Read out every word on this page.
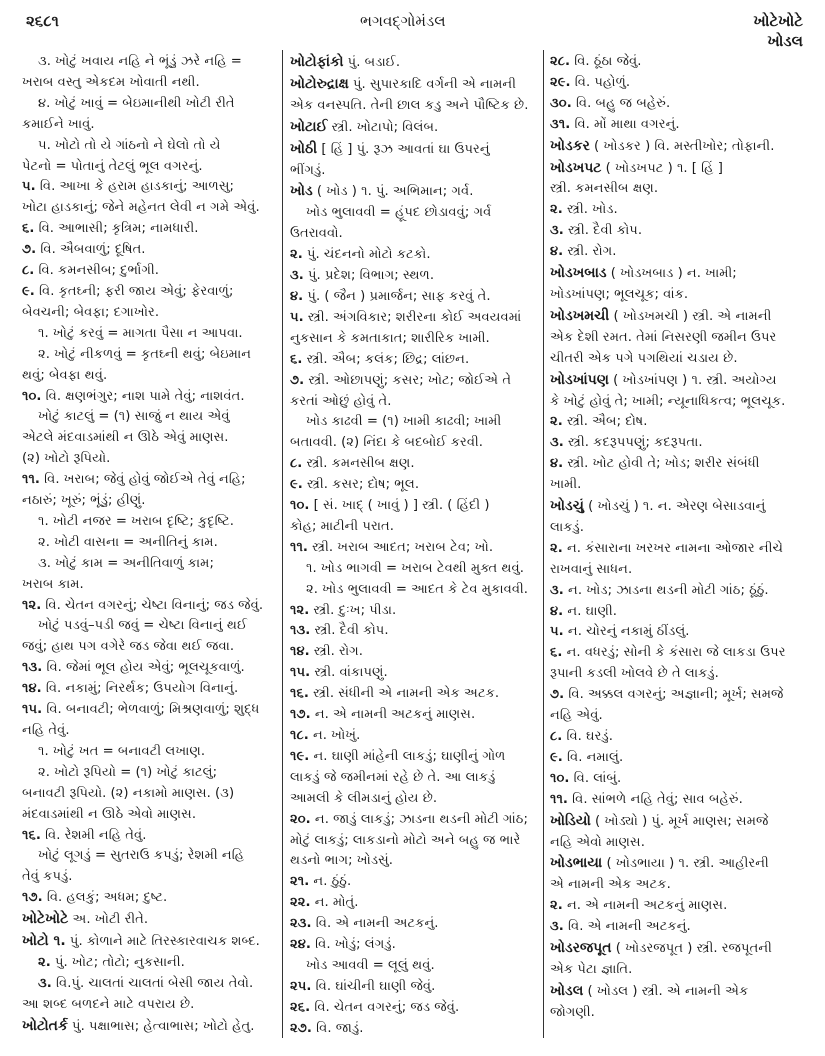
૨૬૮૧	ભગવદ્ગોમંડલ	ખોટેખોટે
ખોડલ
૩. ખોટું ખવાય નહિ ને ભૂંડું ઝરે નહિ =
ખરાબ વસ્તુ એકદમ ખોવાતી નથી.
૪. ખોટું ખાવું = બેઇમાનીથી ખોટી રીતે
કમાઈને ખાવું.
૫. ખોટો તો યે ગાંઠનો ને ઘેલો તો યે
પેટનો = પોતાનું તેટલું ભૂલ વગરનું.
૫. વિ. આખા કે હરામ હાડકાનું; આળસુ;
ખોટા હાડકાનું; જેને મહેનત લેવી ન ગમે એવું.
૬. વિ. આભાસી; કૃત્રિમ; નામધારી.
૭. વિ. ઐબવાળું; દૂષિત.
૮. વિ. કમનસીબ; દુર્ભાગી.
૯. વિ. કૃતઘ્ની; ફરી જાય એવું; ફેરવાળું;
બેવચની; બેવફા; દગાખોર.
૧. ખોટું કરવું = માગતા પૈસા ન આપવા.
૨. ખોટું નીકળવું = કૃતઘ્ની થવું; બેઇમાન
થવું; બેવફા થવું.
૧૦. વિ. ક્ષણભંગુર; નાશ પામે તેવું; નાશવંત.
ખોટું કાટલું = (૧) સાજું ન થાય એવું
એટલે મંદવાડમાંથી ન ઊઠે એવું માણસ.
(૨) ખોટો રૂપિયો.
૧૧. વિ. ખરાબ; જેવું હોવું જોઈએ તેવું નહિ;
નઠારું; ખૂરું; ભૂંડું; હીણું.
૧. ખોટી નજર = ખરાબ દૃષ્ટિ; કુદૃષ્ટિ.
૨. ખોટી વાસના = અનીતિનું કામ.
૩. ખોટું કામ = અનીતિવાળું કામ;
ખરાબ કામ.
૧૨. વિ. ચેતન વગરનું; ચેષ્ટા વિનાનું; જડ જેવું.
ખોટું પડવું–પડી જવું = ચેષ્ટા વિનાનું થઈ
જવું; હાથ પગ વગેરે જડ જેવા થઈ જવા.
૧૩. વિ. જેમાં ભૂલ હોય એવું; ભૂલચૂકવાળું.
૧૪. વિ. નકામું; નિરર્થક; ઉપયોગ વિનાનું.
૧૫. વિ. બનાવટી; ભેળવાળું; મિશ્રણવાળું; શુદ્ધ
નહિ તેવું.
૧. ખોટું ખત = બનાવટી લખાણ.
૨. ખોટો રૂપિયો = (૧) ખોટું કાટલું;
બનાવટી રૂપિયો. (૨) નકામો માણસ. (૩)
મંદવાડમાંથી ન ઊઠે એવો માણસ.
૧૬. વિ. રેશમી નહિ તેવું.
ખોટું લૂગડું = સુતરાઉ કપડું; રેશમી નહિ
તેવું કપડું.
૧૭. વિ. હલકું; અધમ; દુષ્ટ.
ખોટેખોટે અ. ખોટી રીતે.
ખોટો ૧. પું. કોળાને માટે તિરસ્કારવાચક શબ્દ.
૨. પું. ખોટ; તોટો; નુકસાની.
૩. વિ.પું. ચાલતાં ચાલતાં બેસી જાય તેવો.
આ શબ્દ બળદને માટે વપરાય છે.
ખોટોતર્ક પું. પક્ષાભાસ; હેત્વાભાસ; ખોટો હેતુ.
ખોટોફાંકો પું. બડાઈ.
ખોટોરુદ્રાક્ષ પું. સુપારકાદિ વર્ગની એ નામની
એક વનસ્પતિ. તેની છાલ કડુ અને પૌષ્ટિક છે.
ખોટાઈ સ્ત્રી. ખોટાપો; વિલંબ.
ખોઠી [ હિં ] પું. રૂઝ આવતાં ઘા ઉપરનું
ભીંગડું.
ખોડ ( ખોડ ) ૧. પું. અભિમાન; ગર્વ.
ખોડ ભુલાવવી = હૂંપદ છોડાવવું; ગર્વ
ઉતરાવવો.
૨. પું. ચંદનનો મોટો કટકો.
૩. પું. પ્રદેશ; વિભાગ; સ્થળ.
૪. પું. ( જૈન ) પ્રમાર્જન; સાફ કરવું તે.
૫. સ્ત્રી. અંગવિકાર; શરીરના કોઈ અવયવમાં
નુકસાન કે કમતાકાત; શારીરિક ખામી.
૬. સ્ત્રી. ઐબ; કલંક; છિદ્ર; લાંછન.
૭. સ્ત્રી. ઓછાપણું; કસર; ખોટ; જોઈએ તે
કરતાં ઓછું હોવું તે.
ખોડ કાઢવી = (૧) ખામી કાઢવી; ખામી
બતાવવી. (૨) નિંદા કે બદબોઈ કરવી.
૮. સ્ત્રી. કમનસીબ ક્ષણ.
૯. સ્ત્રી. કસર; દોષ; ભૂલ.
૧૦. [ સં. ખાદ્ ( ખાવું ) ] સ્ત્રી. ( હિંદી )
કોહ; માટીની પરાત.
૧૧. સ્ત્રી. ખરાબ આદત; ખરાબ ટેવ; ખો.
૧. ખોડ ભાગવી = ખરાબ ટેવથી મુક્ત થવું.
૨. ખોડ ભુલાવવી = આદત કે ટેવ મુકાવવી.
૧૨. સ્ત્રી. દુઃખ; પીડા.
૧૩. સ્ત્રી. દૈવી કોપ.
૧૪. સ્ત્રી. રોગ.
૧૫. સ્ત્રી. વાંકાપણું.
૧૬. સ્ત્રી. સંધીની એ નામની એક અટક.
૧૭. ન. એ નામની અટકનું માણસ.
૧૮. ન. ખોખું.
૧૯. ન. ઘાણી માંહેની લાકડું; ઘાણીનું ગોળ
લાકડું જે જમીનમાં રહે છે તે. આ લાકડું
આમલી કે લીમડાનું હોય છે.
૨૦. ન. જાડું લાકડું; ઝાડના થડની મોટી ગાંઠ;
મોટું લાકડું; લાકડાનો મોટો અને બહુ જ ભારે
થડનો ભાગ; ખોડસું.
૨૧. ન. ઠુંઠું.
૨૨. ન. મોતું.
૨૩. વિ. એ નામની અટકનું.
૨૪. વિ. ખોડું; લંગડું.
ખોડ આવવી = લૂલું થવું.
૨૫. વિ. ઘાંચીની ઘાણી જેવું.
૨૬. વિ. ચેતન વગરનું; જડ જેવું.
૨૭. વિ. જાડું.
૨૮. વિ. ઠૂંઠા જેવું.
૨૯. વિ. પહોળું.
૩૦. વિ. બહુ જ બહેરું.
૩૧. વિ. મોં માથા વગરનું.
ખોડકર ( ખોડકર ) વિ. મસ્તીખોર; તોફાની.
ખોડખપટ ( ખોડખપટ ) ૧. [ હિં ]
સ્ત્રી. કમનસીબ ક્ષણ.
૨. સ્ત્રી. ખોડ.
૩. સ્ત્રી. દૈવી કોપ.
૪. સ્ત્રી. રોગ.
ખોડખબાડ ( ખોડખબાડ ) ન. ખામી;
ખોડખાંપણ; ભૂલચૂક; વાંક.
ખોડખમચી ( ખોડખમચી ) સ્ત્રી. એ નામની
એક દેશી રમત. તેમાં નિસરણી જમીન ઉપર
ચીતરી એક પગે પગથિયાં ચડાય છે.
ખોડખાંપણ ( ખોડખાંપણ ) ૧. સ્ત્રી. અયોગ્ય
કે ખોટું હોવું તે; ખામી; ન્યૂનાધિકત્વ; ભૂલચૂક.
૨. સ્ત્રી. ઐબ; દોષ.
૩. સ્ત્રી. કદરૂપપણું; કદરૂપતા.
૪. સ્ત્રી. ખોટ હોવી તે; ખોડ; શરીર સંબંધી
ખામી.
ખોડચું ( ખોડચું ) ૧. ન. એરણ બેસાડવાનું
લાકડું.
૨. ન. કંસારાના ખરખર નામના ઓજાર નીચે
રાખવાનું સાધન.
૩. ન. ખોડ; ઝાડના થડની મોટી ગાંઠ; ઠૂંઠું.
૪. ન. ઘાણી.
૫. ન. ચોરનું નકામું ઠીંડલું.
૬. ન. વધરડું; સોની કે કંસારા જે લાકડા ઉપર
રૂપાની કડલી ખોલવે છે તે લાકડું.
૭. વિ. અક્કલ વગરનું; અજ્ઞાની; મૂર્ખ; સમજે
નહિ એવું.
૮. વિ. ઘરડું.
૯. વિ. નમાલું.
૧૦. વિ. લાંબું.
૧૧. વિ. સાંભળે નહિ તેવું; સાવ બહેરું.
ખોડિયો ( ખોડ્યો ) પું. મૂર્ખ માણસ; સમજે
નહિ એવો માણસ.
ખોડભાયા ( ખોડભાયા ) ૧. સ્ત્રી. આહીરની
એ નામની એક અટક.
૨. ન. એ નામની અટકનું માણસ.
૩. વિ. એ નામની અટકનું.
ખોડરજપૂત ( ખોડરજપૂત ) સ્ત્રી. રજપૂતની
એક પેટા જ્ઞાતિ.
ખોડલ ( ખોડલ ) સ્ત્રી. એ નામની એક
જોગણી.
